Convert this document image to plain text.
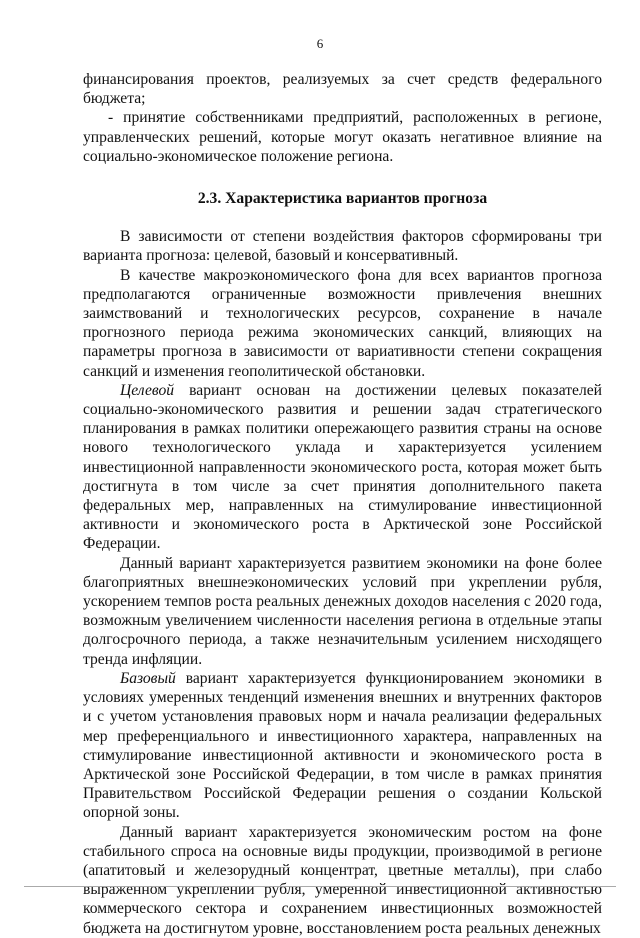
6

финансирования проектов, реализуемых за счет средств федерального бюджета;

- принятие собственниками предприятий, расположенных в регионе, управленческих решений, которые могут оказать негативное влияние на социально-экономическое положение региона.

2.3. Характеристика вариантов прогноза

В зависимости от степени воздействия факторов сформированы три варианта прогноза: целевой, базовый и консервативный.

В качестве макроэкономического фона для всех вариантов прогноза предполагаются ограниченные возможности привлечения внешних заимствований и технологических ресурсов, сохранение в начале прогнозного периода режима экономических санкций, влияющих на параметры прогноза в зависимости от вариативности степени сокращения санкций и изменения геополитической обстановки.

Целевой вариант основан на достижении целевых показателей социально-экономического развития и решении задач стратегического планирования в рамках политики опережающего развития страны на основе нового технологического уклада и характеризуется усилением инвестиционной направленности экономического роста, которая может быть достигнута в том числе за счет принятия дополнительного пакета федеральных мер, направленных на стимулирование инвестиционной активности и экономического роста в Арктической зоне Российской Федерации.

Данный вариант характеризуется развитием экономики на фоне более благоприятных внешнеэкономических условий при укреплении рубля, ускорением темпов роста реальных денежных доходов населения с 2020 года, возможным увеличением численности населения региона в отдельные этапы долгосрочного периода, а также незначительным усилением нисходящего тренда инфляции.

Базовый вариант характеризуется функционированием экономики в условиях умеренных тенденций изменения внешних и внутренних факторов и с учетом установления правовых норм и начала реализации федеральных мер преференциального и инвестиционного характера, направленных на стимулирование инвестиционной активности и экономического роста в Арктической зоне Российской Федерации, в том числе в рамках принятия Правительством Российской Федерации решения о создании Кольской опорной зоны.

Данный вариант характеризуется экономическим ростом на фоне стабильного спроса на основные виды продукции, производимой в регионе (апатитовый и железорудный концентрат, цветные металлы), при слабо выраженном укреплении рубля, умеренной инвестиционной активностью коммерческого сектора и сохранением инвестиционных возможностей бюджета на достигнутом уровне, восстановлением роста реальных денежных
